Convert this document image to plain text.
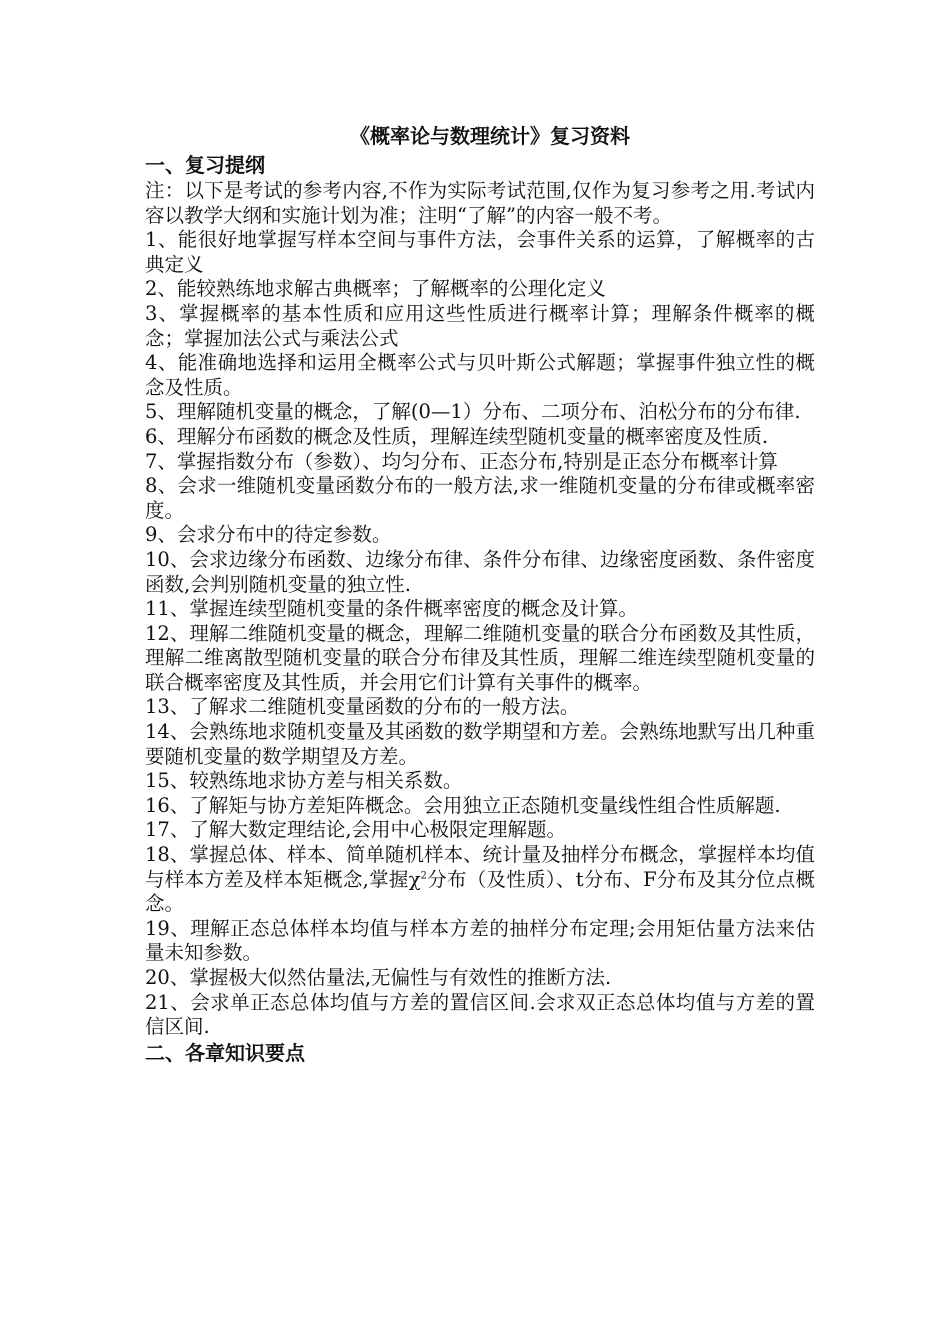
《概率论与数理统计》复习资料

一、复习提纲

注：以下是考试的参考内容,不作为实际考试范围,仅作为复习参考之用.考试内容以教学大纲和实施计划为准；注明“了解”的内容一般不考。

1、能很好地掌握写样本空间与事件方法，会事件关系的运算，了解概率的古典定义

2、能较熟练地求解古典概率；了解概率的公理化定义

3、掌握概率的基本性质和应用这些性质进行概率计算；理解条件概率的概念；掌握加法公式与乘法公式

4、能准确地选择和运用全概率公式与贝叶斯公式解题；掌握事件独立性的概念及性质。

5、理解随机变量的概念，了解(0—1）分布、二项分布、泊松分布的分布律.

6、理解分布函数的概念及性质，理解连续型随机变量的概率密度及性质.

7、掌握指数分布（参数）、均匀分布、正态分布,特别是正态分布概率计算

8、会求一维随机变量函数分布的一般方法,求一维随机变量的分布律或概率密度。

9、会求分布中的待定参数。

10、会求边缘分布函数、边缘分布律、条件分布律、边缘密度函数、条件密度函数,会判别随机变量的独立性.

11、掌握连续型随机变量的条件概率密度的概念及计算。

12、理解二维随机变量的概念，理解二维随机变量的联合分布函数及其性质，理解二维离散型随机变量的联合分布律及其性质，理解二维连续型随机变量的联合概率密度及其性质，并会用它们计算有关事件的概率。

13、了解求二维随机变量函数的分布的一般方法。

14、会熟练地求随机变量及其函数的数学期望和方差。会熟练地默写出几种重要随机变量的数学期望及方差。

15、较熟练地求协方差与相关系数。

16、了解矩与协方差矩阵概念。会用独立正态随机变量线性组合性质解题.

17、了解大数定理结论,会用中心极限定理解题。

18、掌握总体、样本、简单随机样本、统计量及抽样分布概念，掌握样本均值与样本方差及样本矩概念,掌握$\chi^2$分布（及性质）、t分布、F分布及其分位点概念。

19、理解正态总体样本均值与样本方差的抽样分布定理;会用矩估量方法来估量未知参数。

20、掌握极大似然估量法,无偏性与有效性的推断方法.

21、会求单正态总体均值与方差的置信区间.会求双正态总体均值与方差的置信区间.

二、各章知识要点
